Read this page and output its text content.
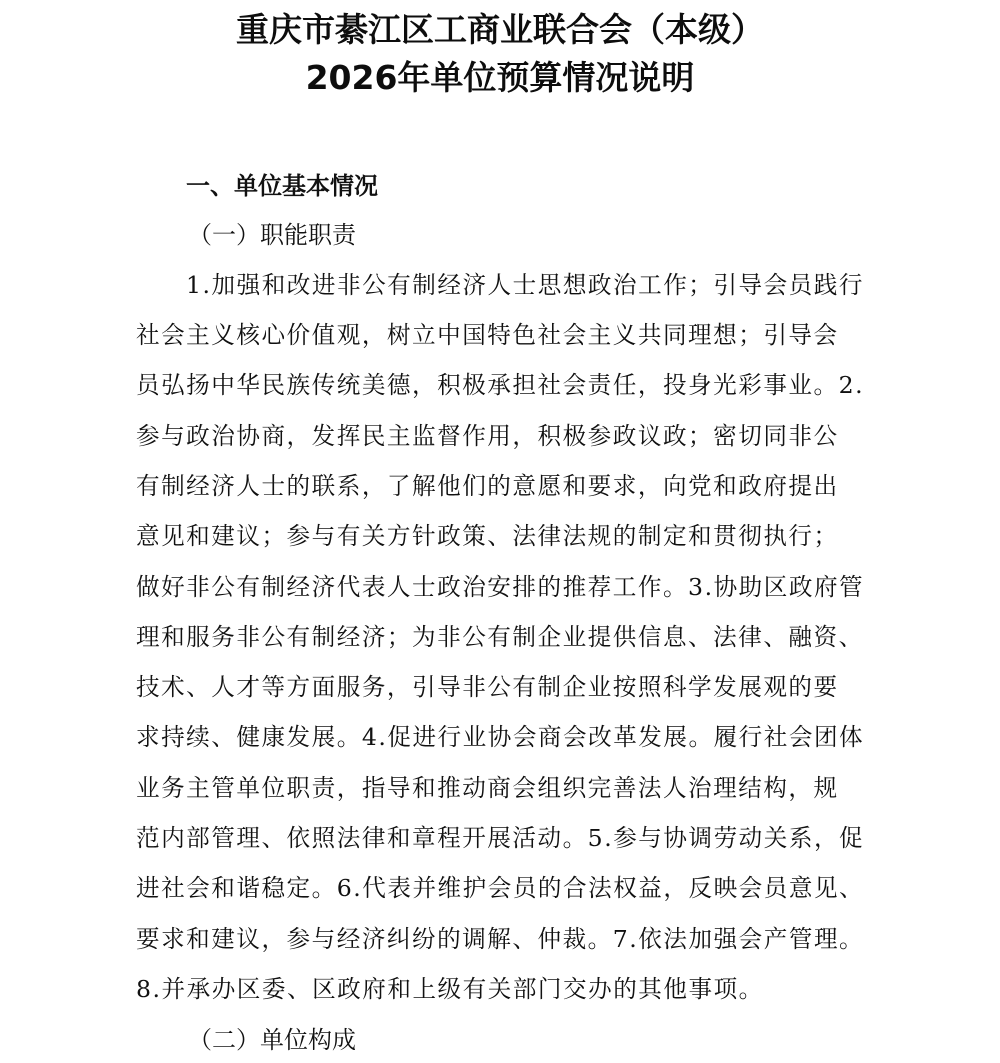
重庆市綦江区工商业联合会（本级）
2026年单位预算情况说明
一、单位基本情况
（一）职能职责
1.加强和改进非公有制经济人士思想政治工作；引导会员践行
社会主义核心价值观，树立中国特色社会主义共同理想；引导会
员弘扬中华民族传统美德，积极承担社会责任，投身光彩事业。2.
参与政治协商，发挥民主监督作用，积极参政议政；密切同非公
有制经济人士的联系，了解他们的意愿和要求，向党和政府提出
意见和建议；参与有关方针政策、法律法规的制定和贯彻执行；
做好非公有制经济代表人士政治安排的推荐工作。3.协助区政府管
理和服务非公有制经济；为非公有制企业提供信息、法律、融资、
技术、人才等方面服务，引导非公有制企业按照科学发展观的要
求持续、健康发展。4.促进行业协会商会改革发展。履行社会团体
业务主管单位职责，指导和推动商会组织完善法人治理结构，规
范内部管理、依照法律和章程开展活动。5.参与协调劳动关系，促
进社会和谐稳定。6.代表并维护会员的合法权益，反映会员意见、
要求和建议，参与经济纠纷的调解、仲裁。7.依法加强会产管理。
8.并承办区委、区政府和上级有关部门交办的其他事项。
（二）单位构成
